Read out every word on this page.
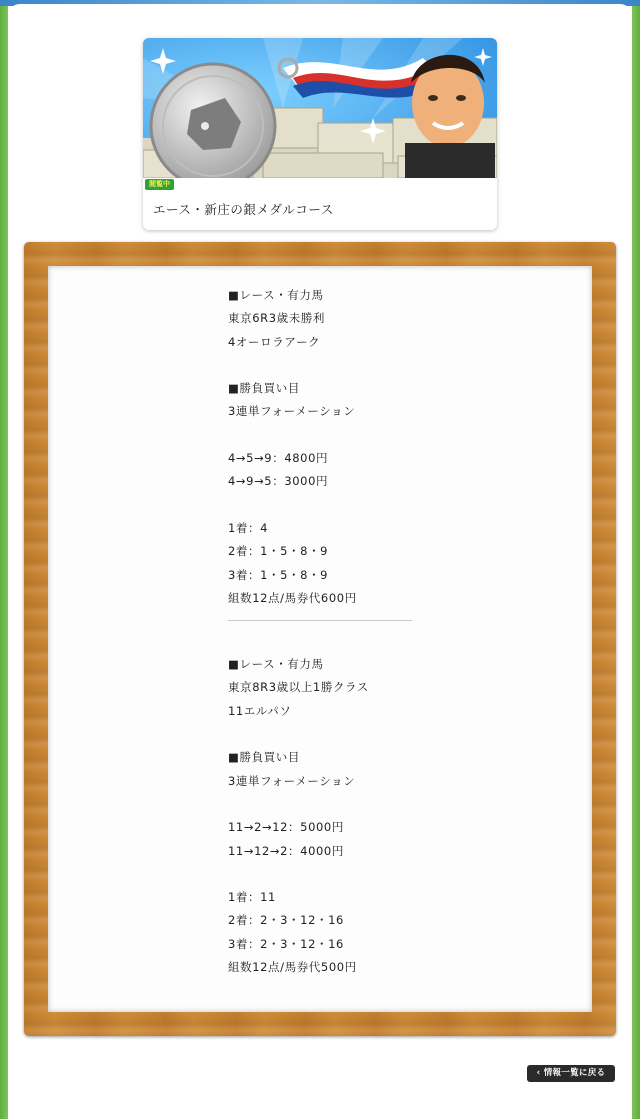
閲覧中
エース・新庄の銀メダルコース
■レース・有力馬
東京6R3歳未勝利
4オーロラアーク
■勝負買い目
3連単フォーメーション
4→5→9：4800円
4→9→5：3000円
1着：4
2着：1・5・8・9
3着：1・5・8・9
組数12点/馬券代600円
■レース・有力馬
東京8R3歳以上1勝クラス
11エルパソ
■勝負買い目
3連単フォーメーション
11→2→12：5000円
11→12→2：4000円
1着：11
2着：2・3・12・16
3着：2・3・12・16
組数12点/馬券代500円
‹ 情報一覧に戻る
